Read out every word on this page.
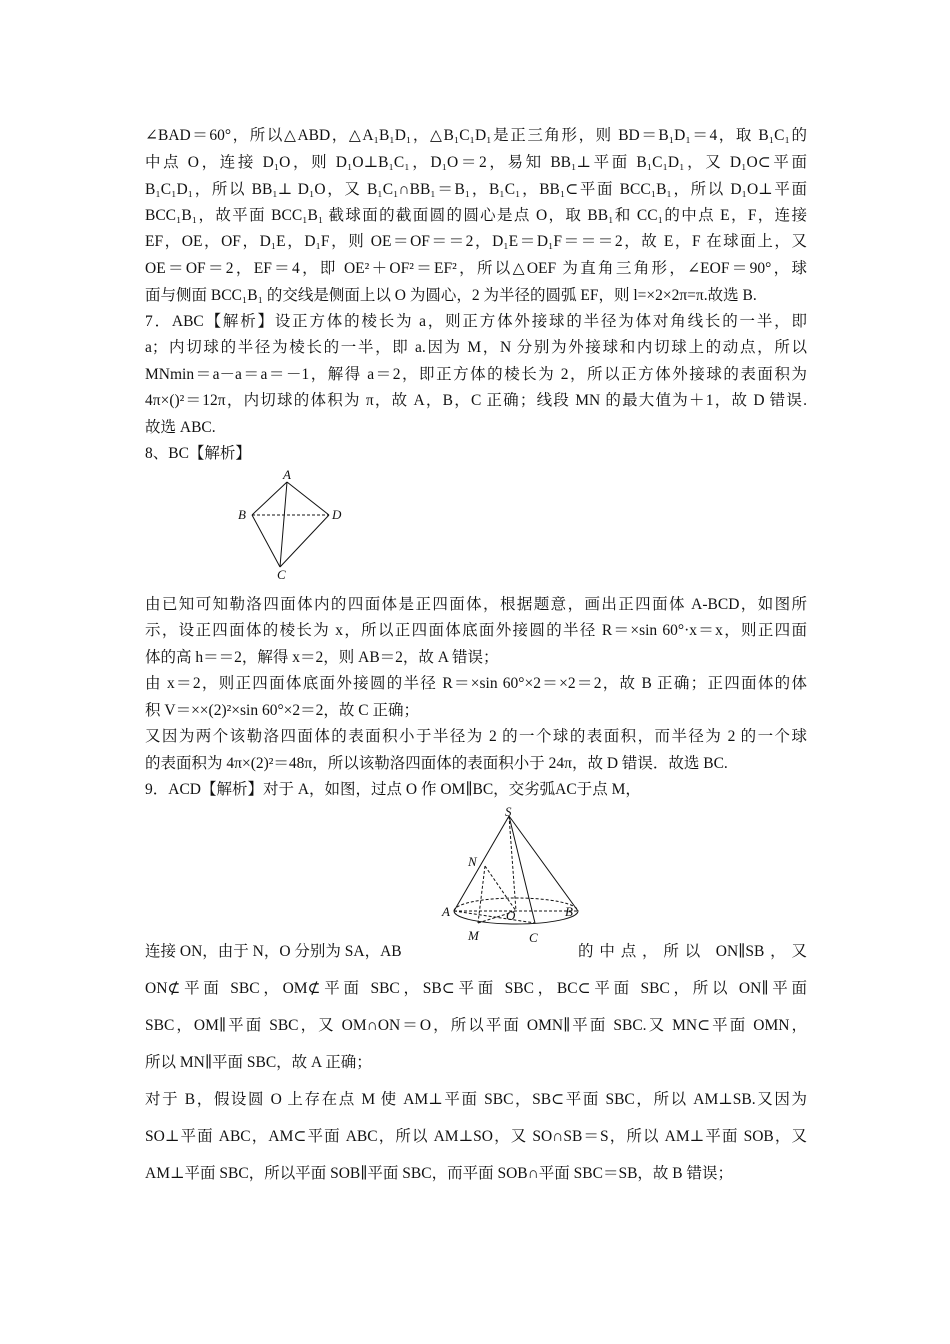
∠BAD＝60°，所以△ABD，△A₁B₁D₁，△B₁C₁D₁是正三角形，则 BD＝B₁D₁＝4，取 B₁C₁的
中点 O，连接 D₁O，则 D₁O⊥B₁C₁，D₁O＝2，易知 BB₁⊥平面 B₁C₁D₁，又 D₁O⊂平面
B₁C₁D₁，所以 BB₁⊥ D₁O，又 B₁C₁∩BB₁＝B₁，B₁C₁，BB₁⊂平面 BCC₁B₁，所以 D₁O⊥平面
BCC₁B₁，故平面 BCC₁B₁ 截球面的截面圆的圆心是点 O，取 BB₁和 CC₁的中点 E，F，连接
EF，OE，OF，D₁E，D₁F，则 OE＝OF＝＝2，D₁E＝D₁F＝＝＝2，故 E，F 在球面上，又
OE＝OF＝2，EF＝4，即 OE²＋OF²＝EF²，所以△OEF 为直角三角形，∠EOF＝90°，球
面与侧面 BCC₁B₁ 的交线是侧面上以 O 为圆心，2 为半径的圆弧 EF，则 l=×2×2π=π.故选 B.
7．ABC【解析】设正方体的棱长为 a，则正方体外接球的半径为体对角线长的一半，即
a；内切球的半径为棱长的一半，即 a.因为 M，N 分别为外接球和内切球上的动点，所以
MNmin＝a－a＝a＝－1，解得 a＝2，即正方体的棱长为 2，所以正方体外接球的表面积为
4π×()²＝12π，内切球的体积为 π，故 A，B，C 正确；线段 MN 的最大值为＋1，故 D 错误.
故选 ABC.
8、BC【解析】
A
B
C
D
由已知可知勒洛四面体内的四面体是正四面体，根据题意，画出正四面体 A-BCD，如图所
示，设正四面体的棱长为 x，所以正四面体底面外接圆的半径 R＝×sin 60°·x＝x，则正四面
体的高 h＝＝2，解得 x＝2，则 AB＝2，故 A 错误；
由 x＝2，则正四面体底面外接圆的半径 R＝×sin 60°×2＝×2＝2，故 B 正确；正四面体的体
积 V＝××(2)²×sin 60°×2＝2，故 C 正确；
又因为两个该勒洛四面体的表面积小于半径为 2 的一个球的表面积，而半径为 2 的一个球
的表面积为 4π×(2)²＝48π，所以该勒洛四面体的表面积小于 24π，故 D 错误．故选 BC.
9．ACD【解析】对于 A，如图，过点 O 作 OM∥BC，交劣弧AC于点 M，
S
N
A	O	B
M	C
连接 ON，由于 N，O 分别为 SA，AB	的中点，所以 ON∥SB，又
ON⊄平面 SBC，OM⊄平面 SBC，SB⊂平面 SBC，BC⊂平面 SBC，所以 ON∥平面
SBC，OM∥平面 SBC，又 OM∩ON＝O，所以平面 OMN∥平面 SBC.又 MN⊂平面 OMN，
所以 MN∥平面 SBC，故 A 正确；
对于 B，假设圆 O 上存在点 M 使 AM⊥平面 SBC，SB⊂平面 SBC，所以 AM⊥SB.又因为
SO⊥平面 ABC，AM⊂平面 ABC，所以 AM⊥SO，又 SO∩SB＝S，所以 AM⊥平面 SOB，又
AM⊥平面 SBC，所以平面 SOB∥平面 SBC，而平面 SOB∩平面 SBC＝SB，故 B 错误；
